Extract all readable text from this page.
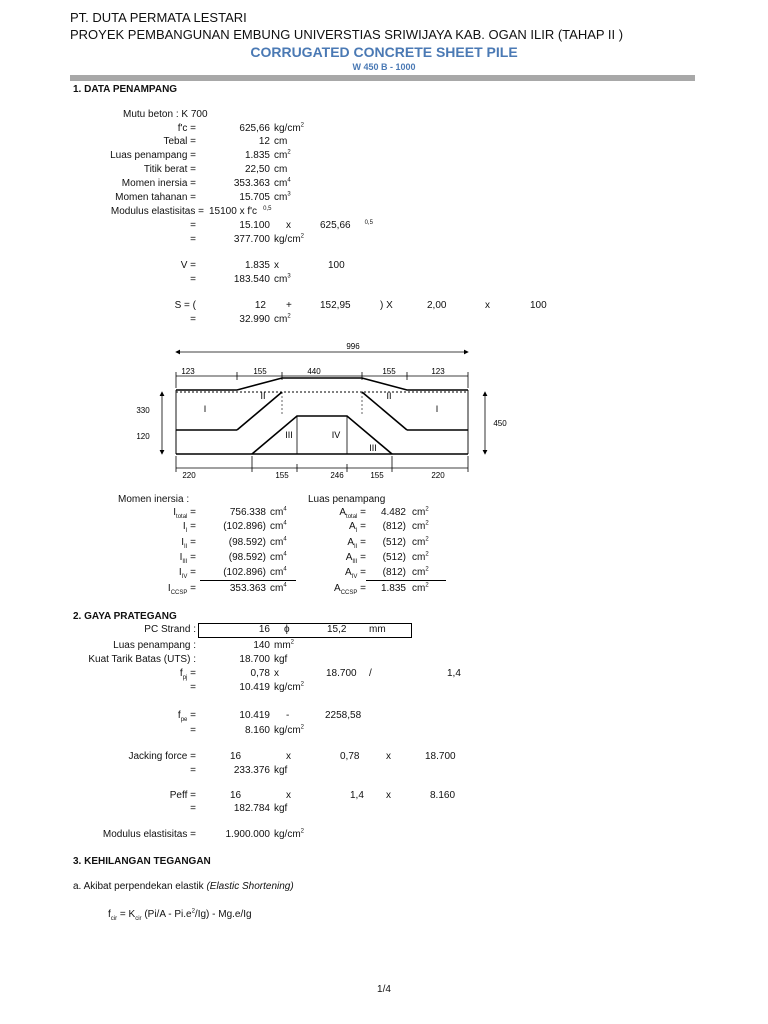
PT. DUTA PERMATA LESTARI
PROYEK PEMBANGUNAN EMBUNG UNIVERSTIAS SRIWIJAYA KAB. OGAN ILIR (TAHAP II )
CORRUGATED CONCRETE SHEET PILE
W 450 B - 1000
1. DATA PENAMPANG
Mutu beton : K 700
f'c =	625,66 $kg/cm^2$
Tebal =	12 cm
Luas penampang =	1.835 $cm^2$
Titik berat =	22,50 cm
Momen inersia =	353.363 $cm^4$
Momen tahanan =	15.705 $cm^3$
Modulus elastisitas = 15100 x f'c $^{0,5}$
=	15.100 x	625,66 $^{0,5}$
=	377.700 $kg/cm^2$
V =	1.835 x	100
=	183.540 $cm^3$
S = (	12 +	152,95	) X	2,00	x	100
=	32.990 $cm^2$
996
123	155	440	155	123
330
120
450
I
II
III	IV
II
I
III
220	155	246	155	220
Momen inersia :	Luas penampang
$I_{total}$ =	756.338 $cm^4$	$A_{total}$ =	4.482 $cm^2$
$I_I$ =	(102.896) $cm^4$	$A_I$ =	(812) $cm^2$
$I_{II}$ =	(98.592) $cm^4$	$A_{II}$ =	(512) $cm^2$
$I_{III}$ =	(98.592) $cm^4$	$A_{III}$ =	(512) $cm^2$
$I_{IV}$ =	(102.896) $cm^4$	$A_{IV}$ =	(812) $cm^2$
$I_{CCSP}$ =	353.363 $cm^4$	$A_{CCSP}$ =	1.835 $cm^2$
2. GAYA PRATEGANG
PC Strand :	16 ϕ	15,2 mm
Luas penampang :	140 $mm^2$
Kuat Tarik Batas (UTS) :	18.700 kgf
$f_{pj}$ =	0,78 x	18.700 /	1,4
=	10.419 $kg/cm^2$
$f_{pe}$ =	10.419 -	2258,58
=	8.160 $kg/cm^2$
Jacking force =	16	x	0,78	x	18.700
=	233.376 kgf
Peff =	16	x	1,4 x	8.160
=	182.784 kgf
Modulus elastisitas =	1.900.000 $kg/cm^2$
3. KEHILANGAN TEGANGAN
a. Akibat perpendekan elastik (Elastic Shortening)
$f_{cir} = K_{cir}$ $(Pi/A - Pi.e^2/Ig) - Mg.e/Ig$
1/4
